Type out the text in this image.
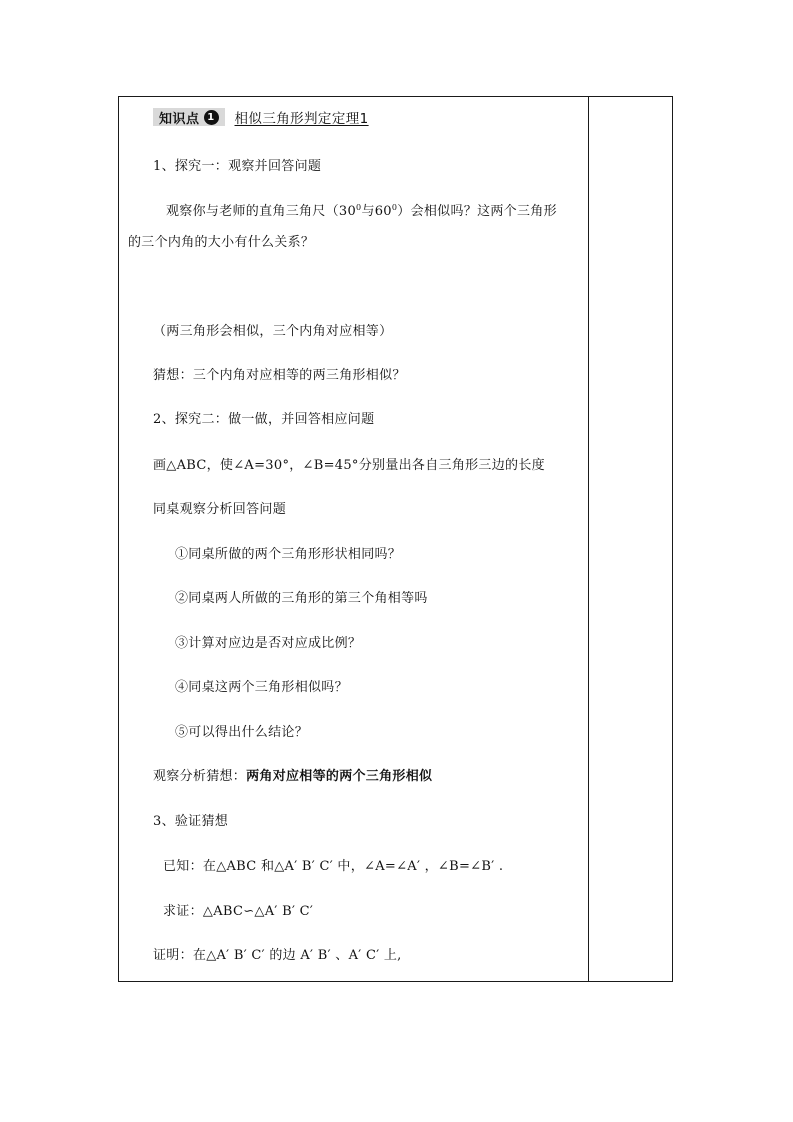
知识点 1 相似三角形判定定理1
1、探究一：观察并回答问题
观察你与老师的直角三角尺（$30^0$与$60^0$）会相似吗？这两个三角形
的三个内角的大小有什么关系？
（两三角形会相似，三个内角对应相等）
猜想：三个内角对应相等的两三角形相似？
2、探究二：做一做，并回答相应问题
画△ABC，使∠A=30°，∠B=45°分别量出各自三角形三边的长度
同桌观察分析回答问题
①同桌所做的两个三角形形状相同吗？
②同桌两人所做的三角形的第三个角相等吗
③计算对应边是否对应成比例？
④同桌这两个三角形相似吗？
⑤可以得出什么结论？
观察分析猜想：两角对应相等的两个三角形相似
3、验证猜想
已知：在△ABC 和△A′ B′ C′ 中，∠A=∠A′ ，∠B=∠B′ .
求证：△ABC∽△A′ B′ C′
证明：在△A′ B′ C′ 的边 A′ B′ 、A′ C′ 上,
